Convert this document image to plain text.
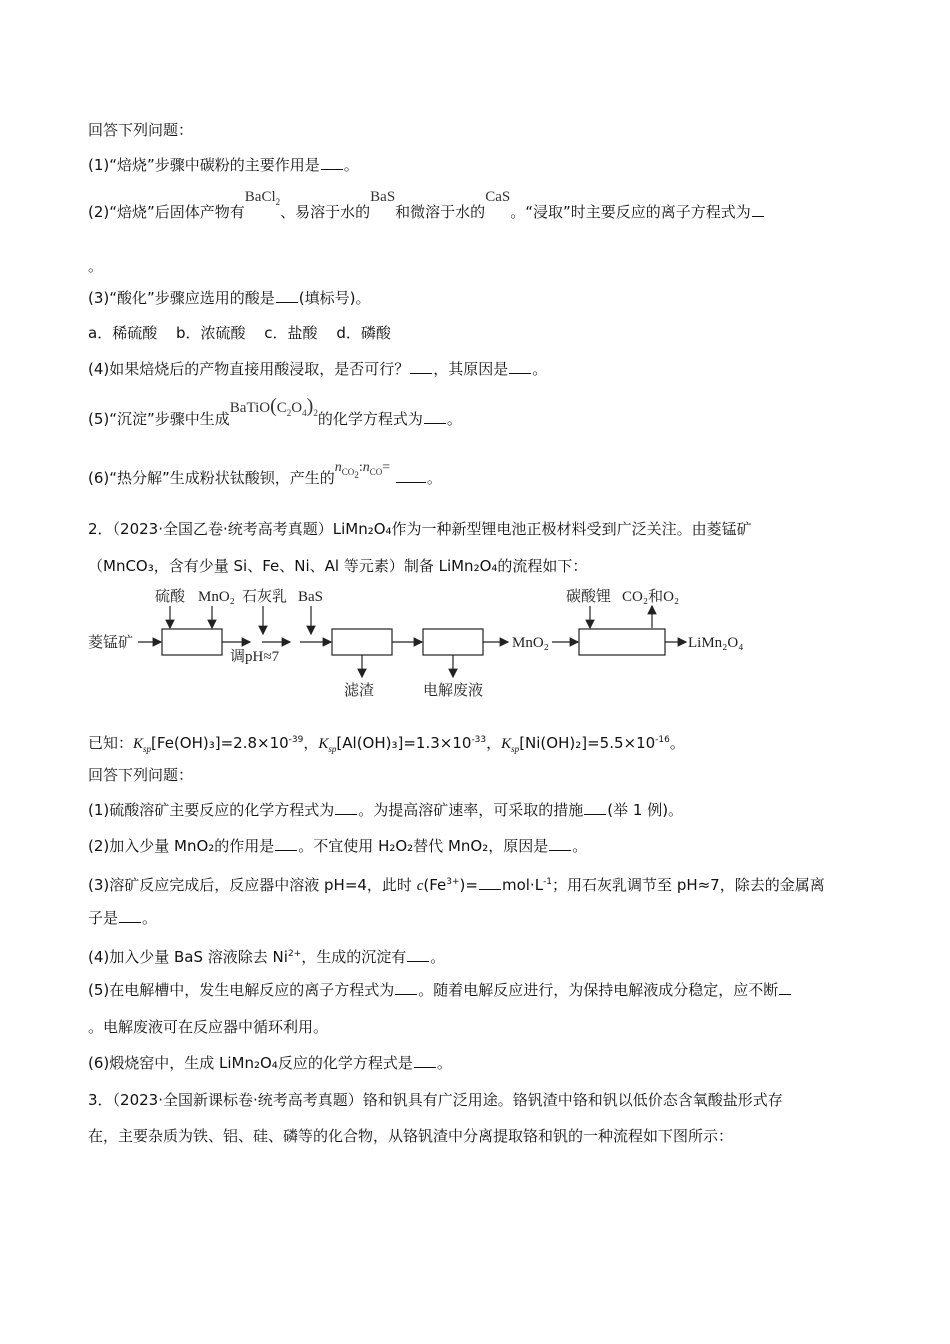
回答下列问题：
(1)“焙烧”步骤中碳粉的主要作用是 。
(2)“焙烧”后固体产物有BaCl$_2$、易溶于水的BaS和微溶于水的CaS。“浸取”时主要反应的离子方程式为
。
(3)“酸化”步骤应选用的酸是 (填标号)。
a．稀硫酸 b．浓硫酸 c．盐酸 d．磷酸
(4)如果焙烧后的产物直接用酸浸取，是否可行？ ，其原因是 。
(5)“沉淀”步骤中生成$BaTiO(C_2O_4)_2$的化学方程式为 。
(6)“热分解”生成粉状钛酸钡，产生的$n_{CO_2}:n_{CO}=$ 。
2．（2023·全国乙卷·统考高考真题）LiMn₂O₄作为一种新型锂电池正极材料受到广泛关注。由菱锰矿
（MnCO₃，含有少量 Si、Fe、Ni、Al 等元素）制备 LiMn₂O₄的流程如下：
硫酸 MnO₂ 石灰乳 BaS
菱锰矿
调pH≈7
MnO₂
碳酸锂 CO₂和O₂
LiMn₂O₄
滤渣	电解废液
已知：$K_{sp}[Fe(OH)_3]=2.8\times 10^{-39}$，$K_{sp}[Al(OH)_3]=1.3\times 10^{-33}$，$K_{sp}[Ni(OH)_2]=5.5\times 10^{-16}$。
回答下列问题：
(1)硫酸溶矿主要反应的化学方程式为 。为提高溶矿速率，可采取的措施 (举 1 例)。
(2)加入少量 MnO₂的作用是 。不宜使用 H₂O₂替代 MnO₂，原因是 。
(3)溶矿反应完成后，反应器中溶液 pH=4，此时 $c(Fe^{3+})= mol\cdot L^{-1}$；用石灰乳调节至 pH≈7，除去的金属离
子是 。
(4)加入少量 BaS 溶液除去 $Ni^{2+}$，生成的沉淀有 。
(5)在电解槽中，发生电解反应的离子方程式为 。随着电解反应进行，为保持电解液成分稳定，应不断
。电解废液可在反应器中循环利用。
(6)煅烧窑中，生成 LiMn₂O₄反应的化学方程式是 。
3．（2023·全国新课标卷·统考高考真题）铬和钒具有广泛用途。铬钒渣中铬和钒以低价态含氧酸盐形式存
在，主要杂质为铁、铝、硅、磷等的化合物，从铬钒渣中分离提取铬和钒的一种流程如下图所示：
